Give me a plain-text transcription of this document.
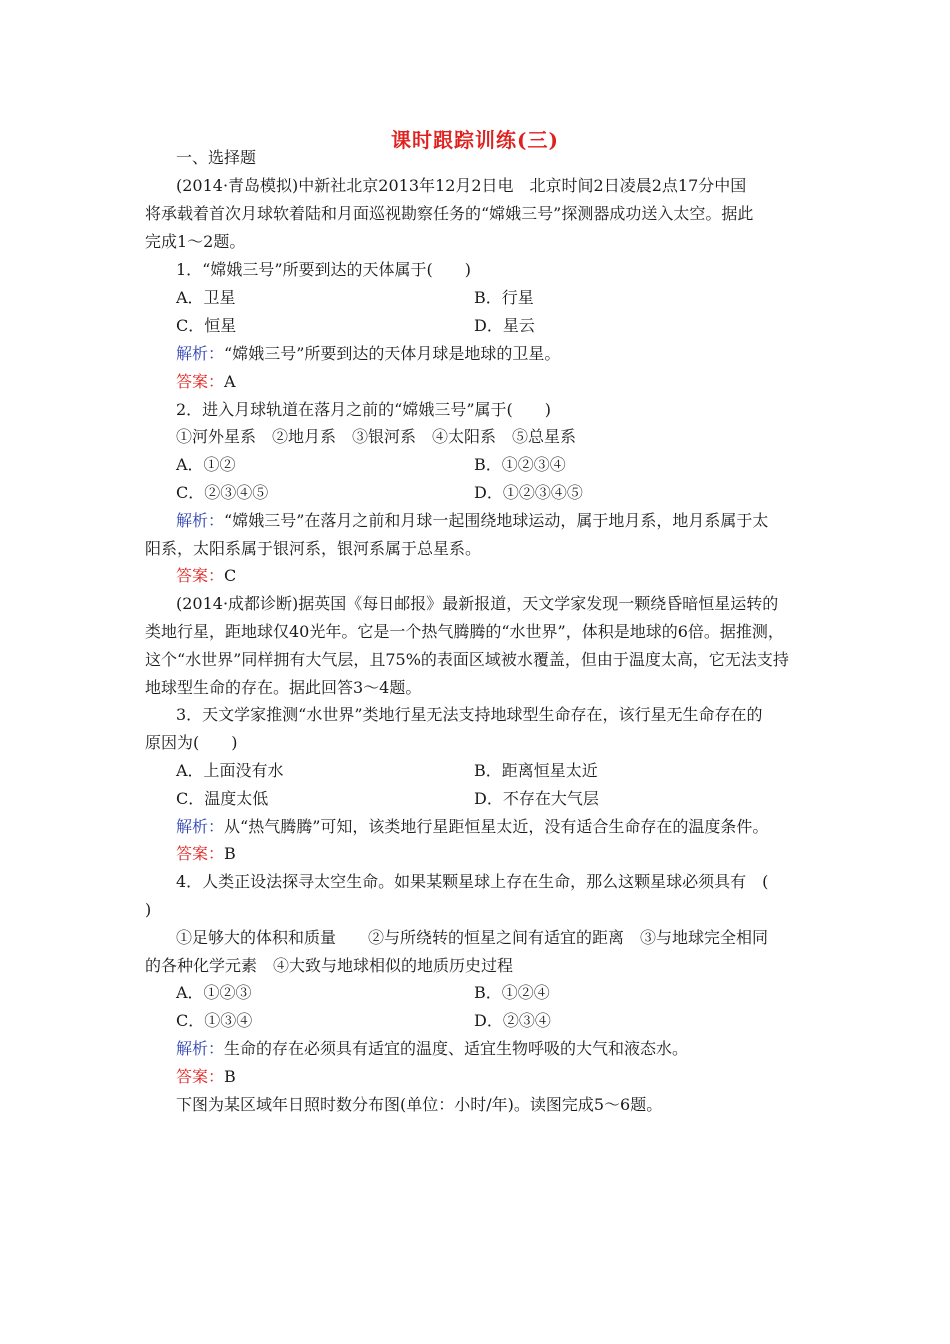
课时跟踪训练(三)
一、选择题
(2014·青岛模拟)中新社北京2013年12月2日电　北京时间2日凌晨2点17分中国
将承载着首次月球软着陆和月面巡视勘察任务的“嫦娥三号”探测器成功送入太空。据此
完成1～2题。
1．“嫦娥三号”所要到达的天体属于(　　)
A．卫星	B．行星
C．恒星	D．星云
解析：“嫦娥三号”所要到达的天体月球是地球的卫星。
答案：A
2．进入月球轨道在落月之前的“嫦娥三号”属于(　　)
①河外星系　②地月系　③银河系　④太阳系　⑤总星系
A．①②	B．①②③④
C．②③④⑤	D．①②③④⑤
解析：“嫦娥三号”在落月之前和月球一起围绕地球运动，属于地月系，地月系属于太
阳系，太阳系属于银河系，银河系属于总星系。
答案：C
(2014·成都诊断)据英国《每日邮报》最新报道，天文学家发现一颗绕昏暗恒星运转的
类地行星，距地球仅40光年。它是一个热气腾腾的“水世界”，体积是地球的6倍。据推测，
这个“水世界”同样拥有大气层，且75%的表面区域被水覆盖，但由于温度太高，它无法支持
地球型生命的存在。据此回答3～4题。
3．天文学家推测“水世界”类地行星无法支持地球型生命存在，该行星无生命存在的
原因为(　　)
A．上面没有水	B．距离恒星太近
C．温度太低	D．不存在大气层
解析：从“热气腾腾”可知，该类地行星距恒星太近，没有适合生命存在的温度条件。
答案：B
4．人类正设法探寻太空生命。如果某颗星球上存在生命，那么这颗星球必须具有　(
)
①足够大的体积和质量　　②与所绕转的恒星之间有适宜的距离　③与地球完全相同
的各种化学元素　④大致与地球相似的地质历史过程
A．①②③	B．①②④
C．①③④	D．②③④
解析：生命的存在必须具有适宜的温度、适宜生物呼吸的大气和液态水。
答案：B
下图为某区域年日照时数分布图(单位：小时/年)。读图完成5～6题。
